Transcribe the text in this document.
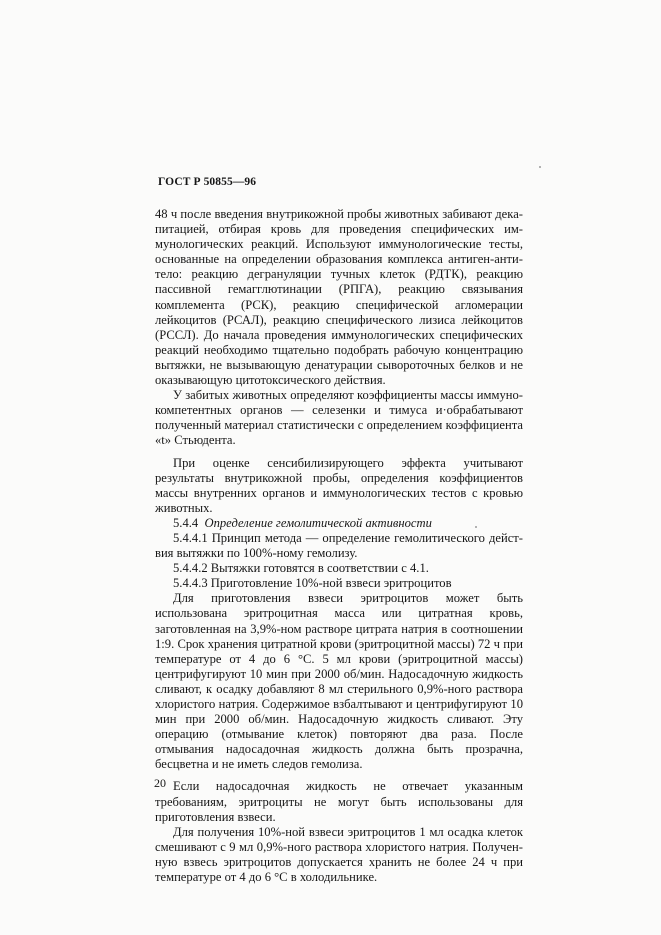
ГОСТ Р 50855—96

48 ч после введения внутрикожной пробы животных забивают декапитацией, отбирая кровь для проведения специфических иммунологических реакций. Используют иммунологические тесты, основанные на определении образования комплекса антиген-антитело: реакцию дегрануляции тучных клеток (РДТК), реакцию пассивной гемагглютинации (РПГА), реакцию связывания комплемента (РСК), реакцию специфической агломерации лейкоцитов (РСАЛ), реакцию специфического лизиса лейкоцитов (РССЛ). До начала проведения иммунологических специфических реакций необходимо тщательно подобрать рабочую концентрацию вытяжки, не вызывающую денатурации сывороточных белков и не оказывающую цитотоксического действия.

У забитых животных определяют коэффициенты массы иммунокомпетентных органов — селезенки и тимуса и·обрабатывают полученный материал статистически с определением коэффициента «t» Стьюдента.

При оценке сенсибилизирующего эффекта учитывают результаты внутрикожной пробы, определения коэффициентов массы внутренних органов и иммунологических тестов с кровью животных.

5.4.4 Определение гемолитической активности

5.4.4.1 Принцип метода — определение гемолитического действия вытяжки по 100%-ному гемолизу.

5.4.4.2 Вытяжки готовятся в соответствии с 4.1.

5.4.4.3 Приготовление 10%-ной взвеси эритроцитов

Для приготовления взвеси эритроцитов может быть использована эритроцитная масса или цитратная кровь, заготовленная на 3,9%-ном растворе цитрата натрия в соотношении 1:9. Срок хранения цитратной крови (эритроцитной массы) 72 ч при температуре от 4 до 6 °С. 5 мл крови (эритроцитной массы) центрифугируют 10 мин при 2000 об/мин. Надосадочную жидкость сливают, к осадку добавляют 8 мл стерильного 0,9%-ного раствора хлористого натрия. Содержимое взбалтывают и центрифугируют 10 мин при 2000 об/мин. Надосадочную жидкость сливают. Эту операцию (отмывание клеток) повторяют два раза. После отмывания надосадочная жидкость должна быть прозрачна, бесцветна и не иметь следов гемолиза.

Если надосадочная жидкость не отвечает указанным требованиям, эритроциты не могут быть использованы для приготовления взвеси.

Для получения 10%-ной взвеси эритроцитов 1 мл осадка клеток смешивают с 9 мл 0,9%-ного раствора хлористого натрия. Полученную взвесь эритроцитов допускается хранить не более 24 ч при температуре от 4 до 6 °С в холодильнике.

20
